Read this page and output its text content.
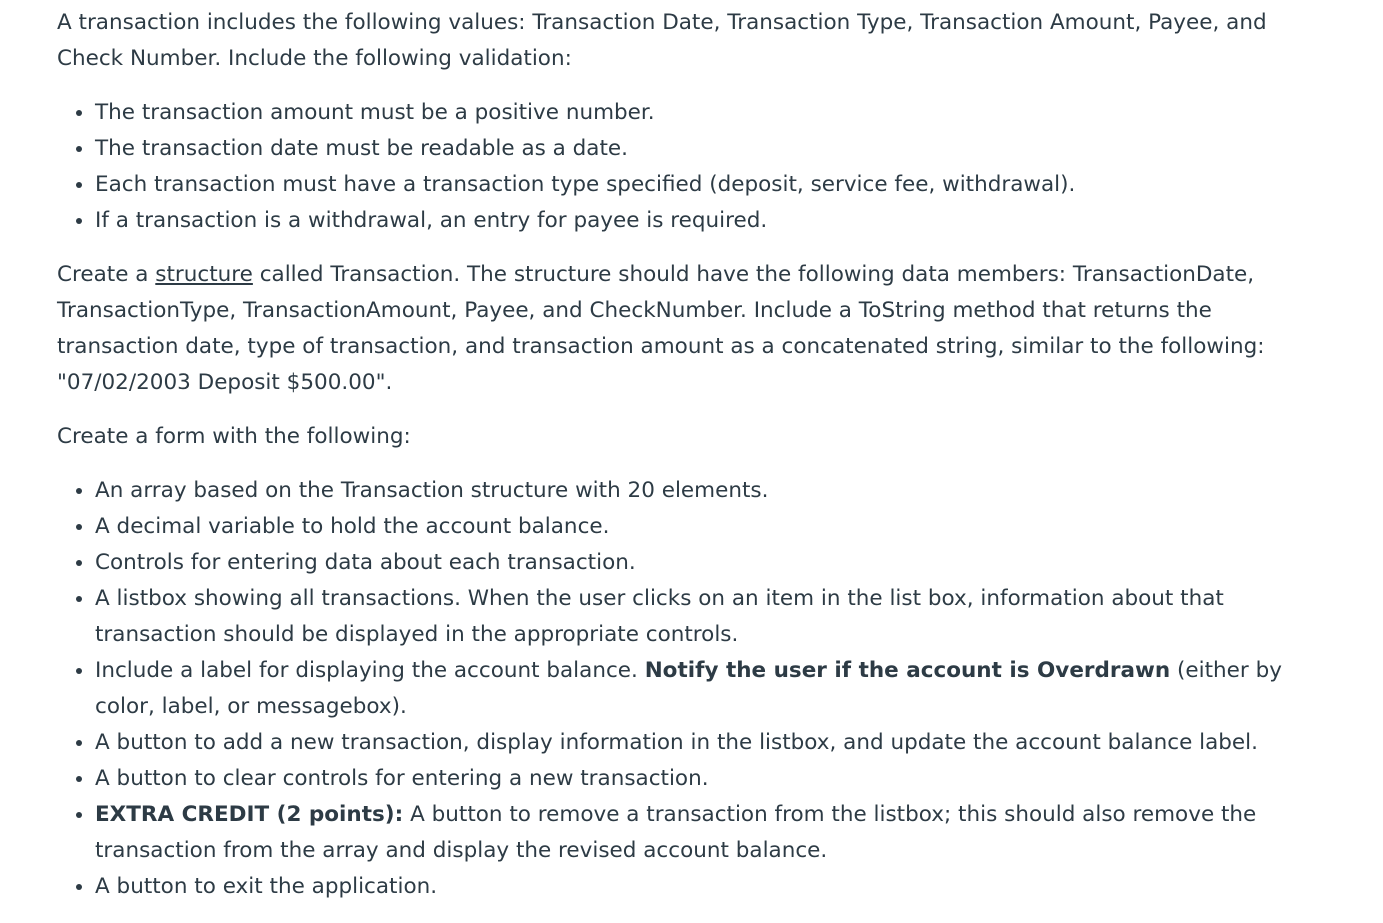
A transaction includes the following values: Transaction Date, Transaction Type, Transaction Amount, Payee, and Check Number. Include the following validation:

• The transaction amount must be a positive number.
• The transaction date must be readable as a date.
• Each transaction must have a transaction type specified (deposit, service fee, withdrawal).
• If a transaction is a withdrawal, an entry for payee is required.

Create a structure called Transaction. The structure should have the following data members: TransactionDate, TransactionType, TransactionAmount, Payee, and CheckNumber. Include a ToString method that returns the transaction date, type of transaction, and transaction amount as a concatenated string, similar to the following: "07/02/2003 Deposit $500.00".

Create a form with the following:

• An array based on the Transaction structure with 20 elements.
• A decimal variable to hold the account balance.
• Controls for entering data about each transaction.
• A listbox showing all transactions. When the user clicks on an item in the list box, information about that transaction should be displayed in the appropriate controls.
• Include a label for displaying the account balance. Notify the user if the account is Overdrawn (either by color, label, or messagebox).
• A button to add a new transaction, display information in the listbox, and update the account balance label.
• A button to clear controls for entering a new transaction.
• EXTRA CREDIT (2 points): A button to remove a transaction from the listbox; this should also remove the transaction from the array and display the revised account balance.
• A button to exit the application.
